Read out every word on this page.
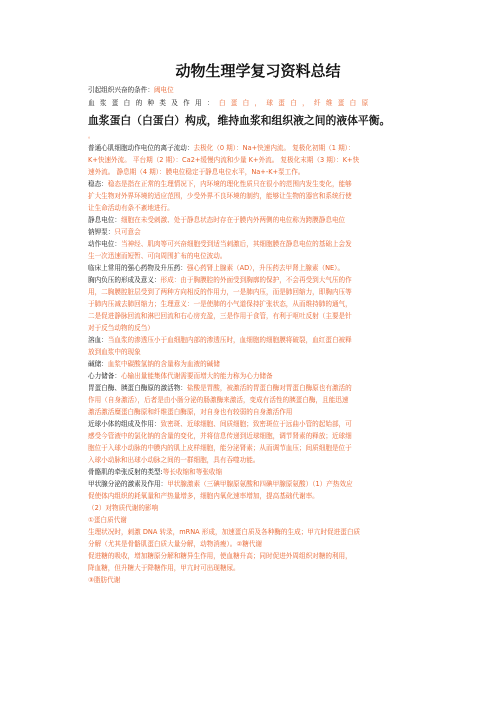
动物生理学复习资料总结
引起组织兴奋的条件：阈电位
血浆蛋白的种类及作用：白蛋白，球蛋白，纤维蛋白原
血浆蛋白（白蛋白）构成，维持血浆和组织液之间的液体平衡。
。
普通心肌细胞动作电位的离子流动：去极化（0 期）：Na+快速内流。 复极化初期（1 期）：
K+快速外流。 平台期（2 期）：Ca2+缓慢内流和少量 K+外流。 复极化末期（3 期）：K+快
速外流。 静息期（4 期）：膜电位稳定于静息电位水平，Na+-K+泵工作。
稳态：稳态是指在正常的生理情况下，内环境的理化性质只在很小的范围内发生变化，能够
扩大生物对外界环境的适应范围，少受外界不良环境的制约，能够让生物的器官和系统行使
让生命活动有条不紊地进行。
静息电位：细胞在未受刺激、处于静息状态时存在于膜内外两侧的电位称为跨膜静息电位
钠钾泵：只可意会
动作电位：当神经、肌肉等可兴奋细胞受到适当刺激后，其细胞膜在静息电位的基础上会发
生一次迅速而短暂、可向周围扩布的电位波动。
临床上常用的强心药物及升压药：强心药肾上腺素（AD），升压药去甲肾上腺素（NE）。
胸内负压的形成及意义：形成：由于胸膜腔的外面受到胸廓的保护，不会再受到大气压的作
用，二胸膜腔脏层受到了两种方向相反的作用力，一是肺内压，而是肺回缩力，即胸内压等
于肺内压减去肺回缩力；生理意义：一是使肺的小气道保持扩张状态，从而维持肺的通气，
二是促进静脉回流和淋巴回流和右心房充盈，三是作用于食管，有利于呕吐反射（主要是针
对于反刍动物的反刍）
溶血：当血浆的渗透压小于血细胞内部的渗透压时，血细胞的细胞膜将破裂，血红蛋白被释
放到血浆中的现象
碱储：血浆中碳酸氢钠的含量称为血液的碱储
心力储备：心输出量能集体代谢需要而增大的能力称为心力储备
胃蛋白酶、胰蛋白酶原的激活物：盐酸是胃酸，被激活的胃蛋白酶对胃蛋白酶原也有激活的
作用（自身激活），后者是由小肠分泌的肠激酶来激活，变成有活性的胰蛋白酶，且能迅速
激活激活糜蛋白酶原和纤维蛋白酶原，对自身也有较弱的自身激活作用
近球小体的组成及作用：致密斑、近球细胞、间质细胞；致密斑位于远曲小管的起始部，可
感受今管液中的氯化钠的含量的变化，并将信息传递到近球细胞，调节肾素的释放；近球细
胞位于入球小动脉的中膜内的肌上皮样细胞，能分泌肾素；从而调节血压；间质细胞是位于
入球小动脉和出球小动脉之间的一群细胞，具有吞噬功能。
骨骼肌的牵张反射的类型:等长收缩和等张收缩
甲状腺分泌的激素及作用：甲状腺激素（三碘甲腺原氨酸和四碘甲腺原氨酸）（1）产热效应
促使体内组织的耗氧量和产热量增多，细胞内氧化速率增加，提高基础代谢率。
（2）对物质代谢的影响
①蛋白质代谢
生理状况时，刺激 DNA 转录，mRNA 形成，加速蛋白质及各种酶的生成；甲亢时促进蛋白质
分解（尤其是骨骼肌蛋白质大量分解，动物消瘦）。②糖代谢
促进糖的吸收，增加糖原分解和糖异生作用，使血糖升高；同时促进外周组织对糖的利用，
降血糖，但升糖大于降糖作用，甲亢时可出现糖尿。
③脂肪代谢
